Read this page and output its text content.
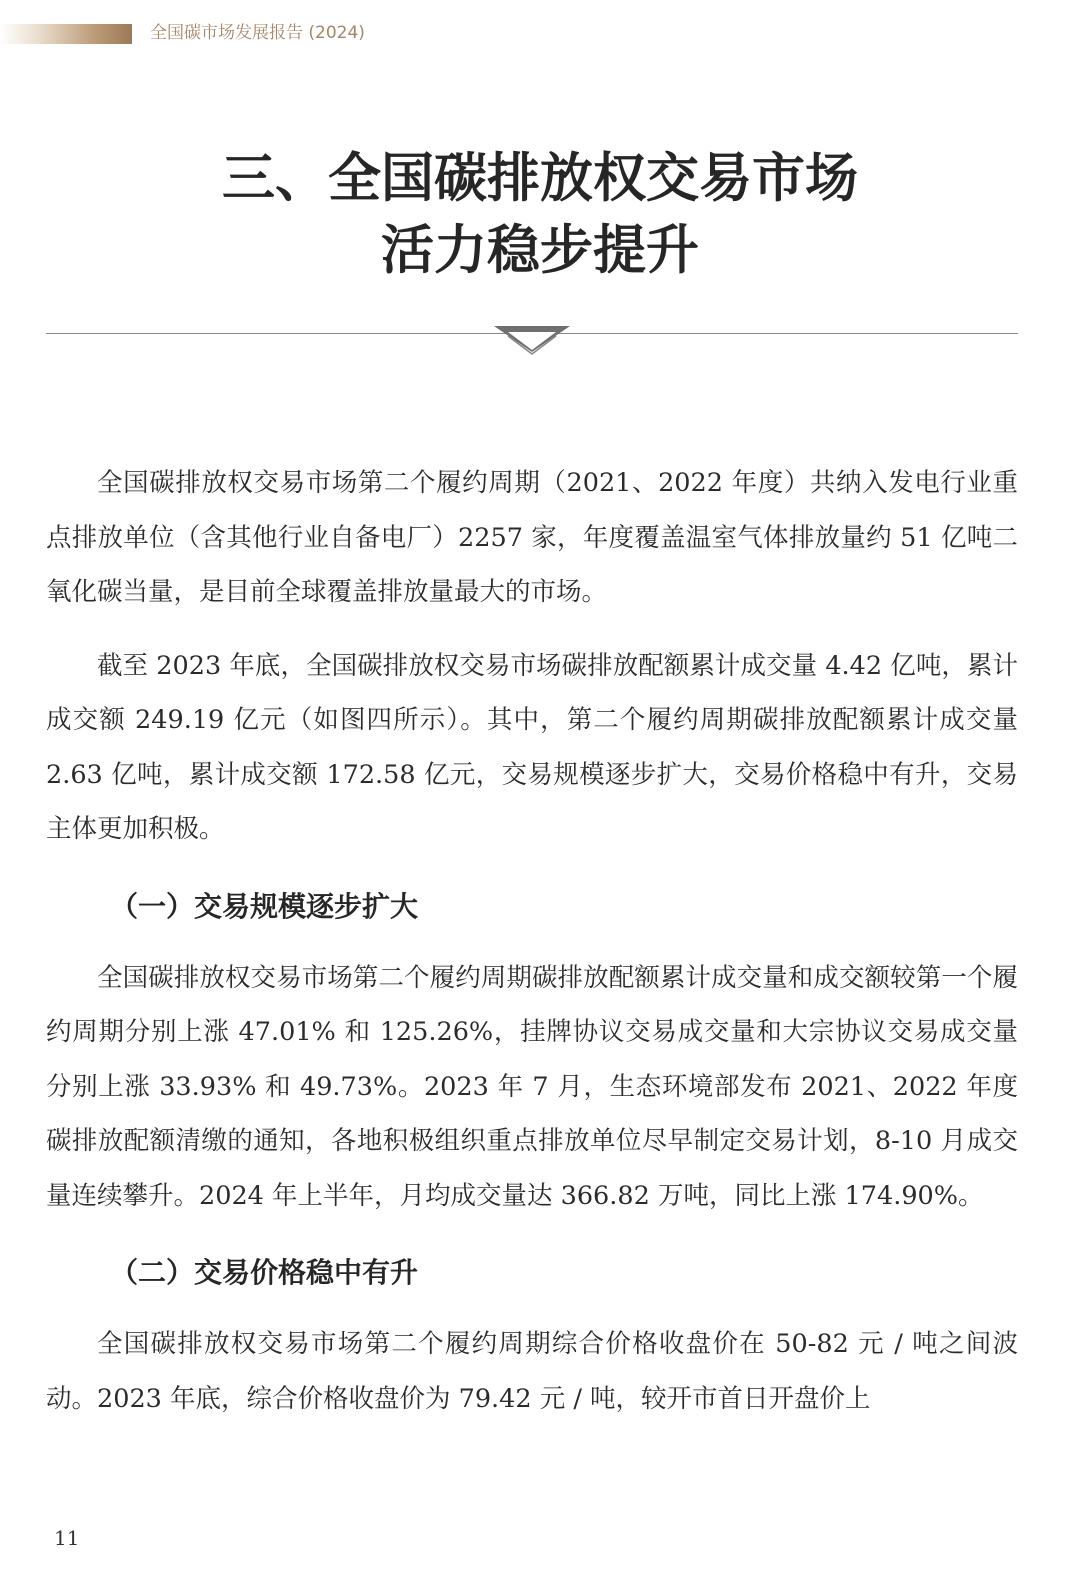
全国碳市场发展报告 (2024)
三、全国碳排放权交易市场
活力稳步提升

全国碳排放权交易市场第二个履约周期（2021、2022 年度）共纳入发电行业重点排放单位（含其他行业自备电厂）2257 家，年度覆盖温室气体排放量约 51 亿吨二氧化碳当量，是目前全球覆盖排放量最大的市场。

截至 2023 年底，全国碳排放权交易市场碳排放配额累计成交量 4.42 亿吨，累计成交额 249.19 亿元（如图四所示）。其中，第二个履约周期碳排放配额累计成交量 2.63 亿吨，累计成交额 172.58 亿元，交易规模逐步扩大，交易价格稳中有升，交易主体更加积极。

（一）交易规模逐步扩大

全国碳排放权交易市场第二个履约周期碳排放配额累计成交量和成交额较第一个履约周期分别上涨 47.01% 和 125.26%，挂牌协议交易成交量和大宗协议交易成交量分别上涨 33.93% 和 49.73%。2023 年 7 月，生态环境部发布 2021、2022 年度碳排放配额清缴的通知，各地积极组织重点排放单位尽早制定交易计划，8-10 月成交量连续攀升。2024 年上半年，月均成交量达 366.82 万吨，同比上涨 174.90%。

（二）交易价格稳中有升

全国碳排放权交易市场第二个履约周期综合价格收盘价在 50-82 元 / 吨之间波动。2023 年底，综合价格收盘价为 79.42 元 / 吨，较开市首日开盘价上

11
